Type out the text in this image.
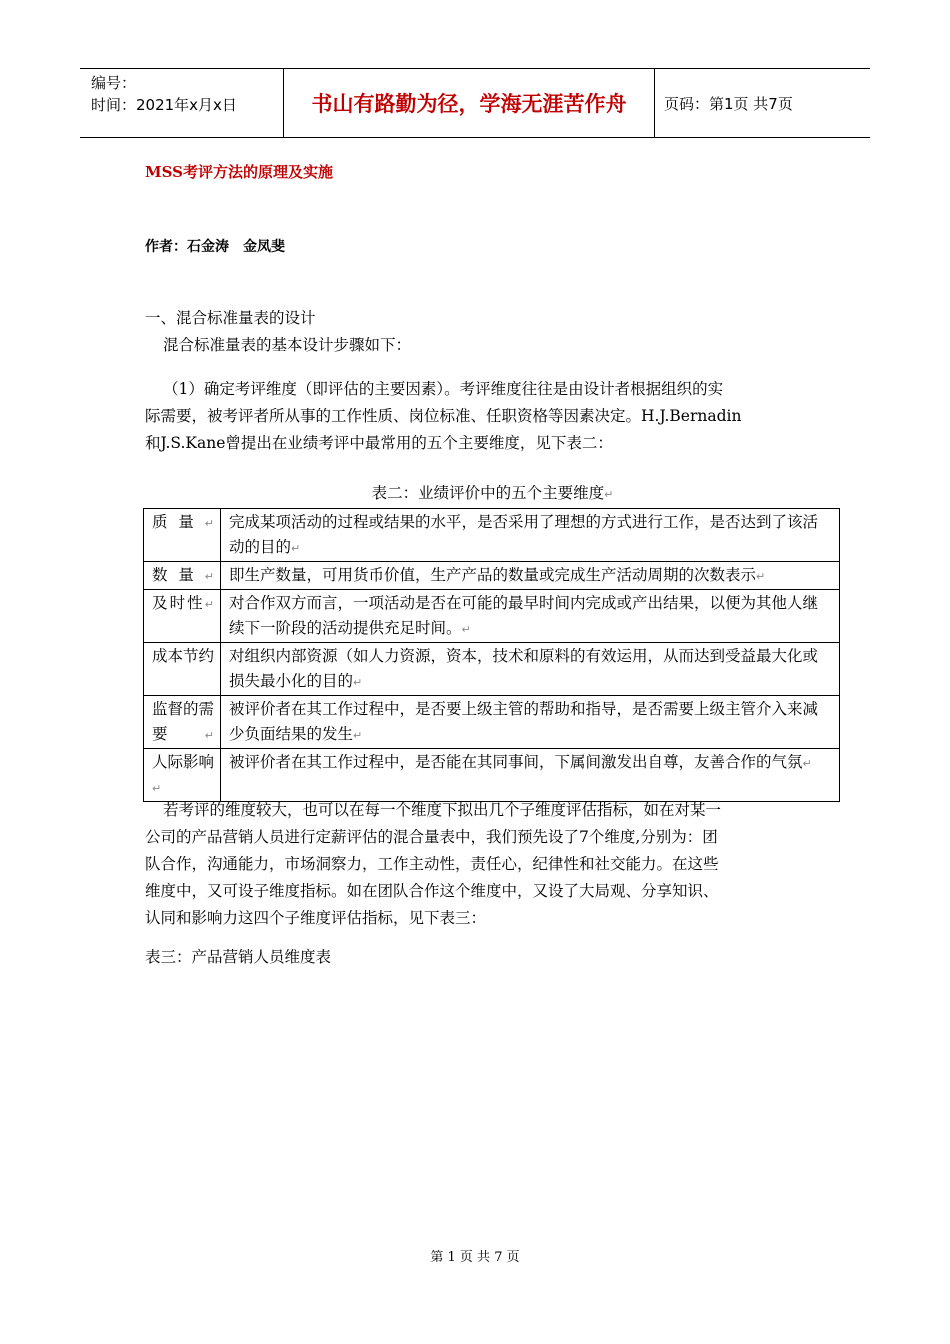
编号：
时间：2021年x月x日	书山有路勤为径，学海无涯苦作舟	页码：第1页 共7页
MSS考评方法的原理及实施
作者：石金涛　金凤斐
一、混合标准量表的设计
混合标准量表的基本设计步骤如下：
（1）确定考评维度（即评估的主要因素）。考评维度往往是由设计者根据组织的实
际需要，被考评者所从事的工作性质、岗位标准、任职资格等因素决定。H.J.Bernadin
和J.S.Kane曾提出在业绩考评中最常用的五个主要维度，见下表二：
表二：业绩评价中的五个主要维度↵
质量↵	完成某项活动的过程或结果的水平，是否采用了理想的方式进行工作，是否达到了该活动的目的↵
数量↵	即生产数量，可用货币价值，生产产品的数量或完成生产活动周期的次数表示↵
及时性↵	对合作双方而言，一项活动是否在可能的最早时间内完成或产出结果，以便为其他人继续下一阶段的活动提供充足时间。↵
成本节约	对组织内部资源（如人力资源，资本，技术和原料的有效运用，从而达到受益最大化或损失最小化的目的↵
监督的需要↵	被评价者在其工作过程中，是否要上级主管的帮助和指导，是否需要上级主管介入来减少负面结果的发生↵
人际影响↵	被评价者在其工作过程中，是否能在其同事间，下属间激发出自尊，友善合作的气氛↵
若考评的维度较大，也可以在每一个维度下拟出几个子维度评估指标，如在对某一
公司的产品营销人员进行定薪评估的混合量表中，我们预先设了7个维度,分别为：团
队合作，沟通能力，市场洞察力，工作主动性，责任心，纪律性和社交能力。在这些
维度中，又可设子维度指标。如在团队合作这个维度中，又设了大局观、分享知识、
认同和影响力这四个子维度评估指标，见下表三：
表三：产品营销人员维度表
第 1 页 共 7 页
